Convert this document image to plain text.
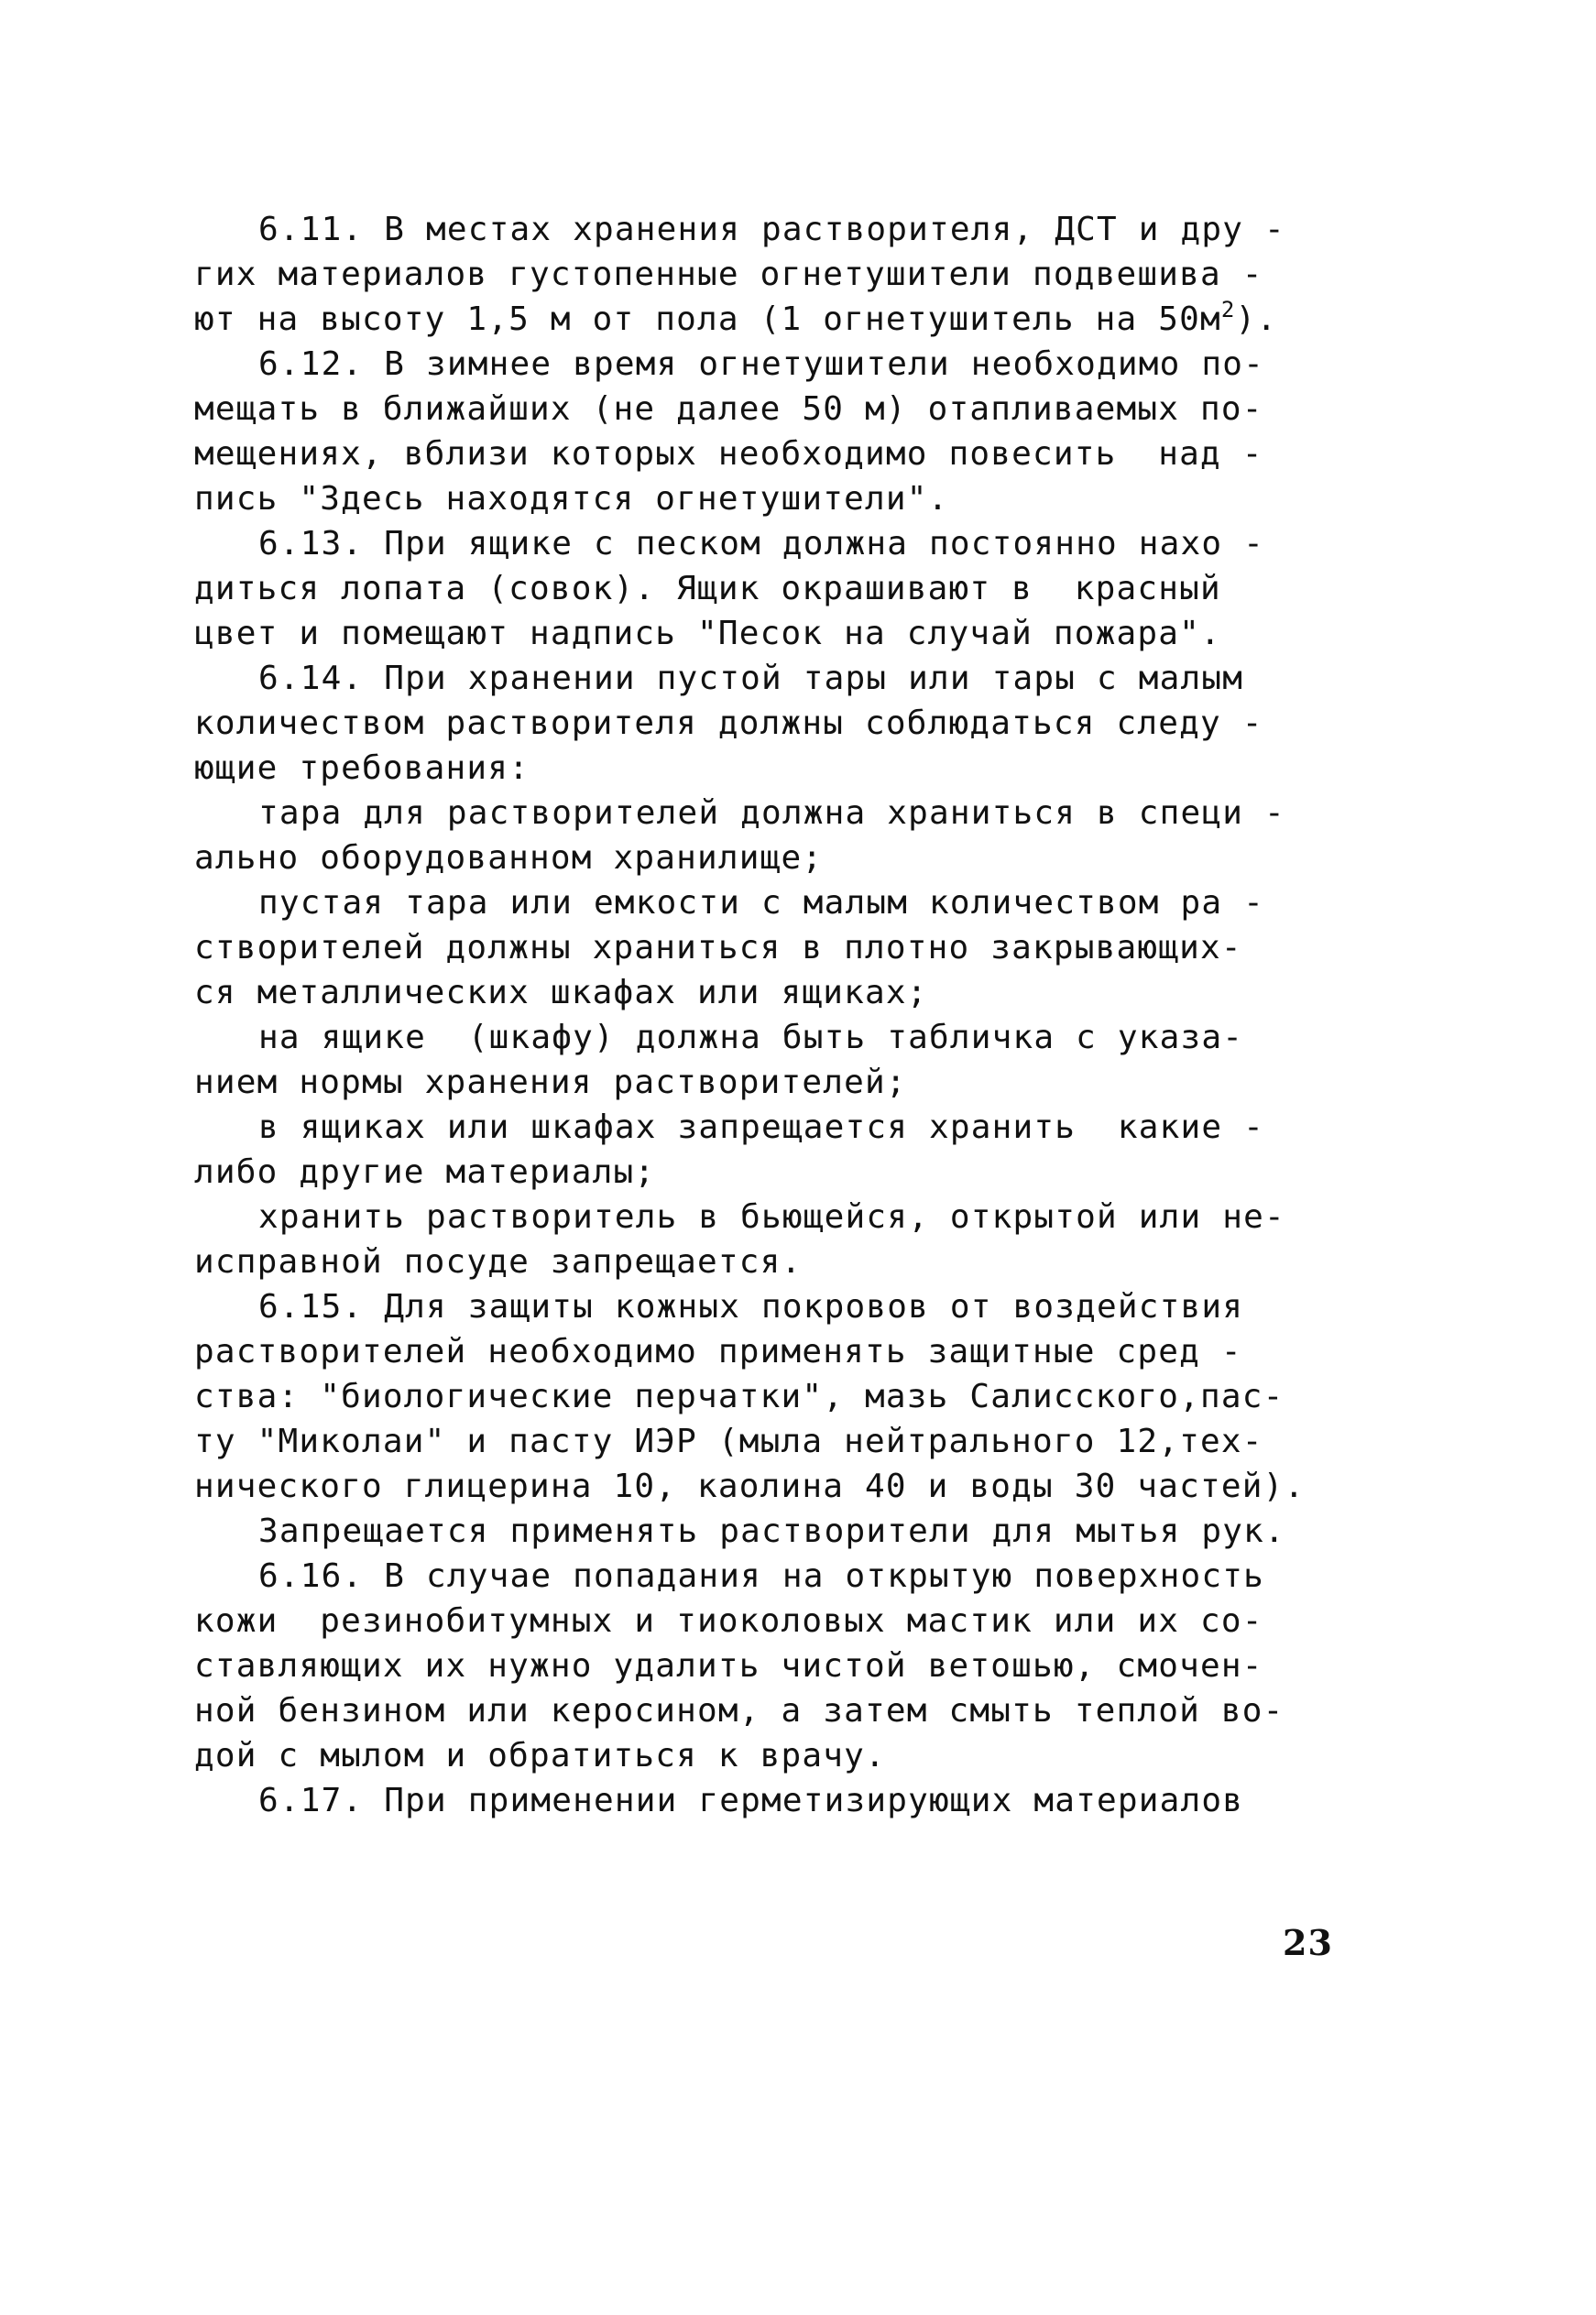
6.11. В местах хранения растворителя, ДСТ и дру -
гих материалов густопенные огнетушители подвешива -
ют на высоту 1,5 м от пола (1 огнетушитель на $50м^2$).
6.12. В зимнее время огнетушители необходимо по-
мещать в ближайших (не далее 50 м) отапливаемых по-
мещениях, вблизи которых необходимо повесить  над -
пись "Здесь находятся огнетушители".
6.13. При ящике с песком должна постоянно нахо -
диться лопата (совок). Ящик окрашивают в  красный
цвет и помещают надпись "Песок на случай пожара".
6.14. При хранении пустой тары или тары с малым
количеством растворителя должны соблюдаться следу -
ющие требования:
тара для растворителей должна храниться в специ -
ально оборудованном хранилище;
пустая тара или емкости с малым количеством ра -
створителей должны храниться в плотно закрывающих-
ся металлических шкафах или ящиках;
на ящике  (шкафу) должна быть табличка с указа-
нием нормы хранения растворителей;
в ящиках или шкафах запрещается хранить  какие -
либо другие материалы;
хранить растворитель в бьющейся, открытой или не-
исправной посуде запрещается.
6.15. Для защиты кожных покровов от воздействия
растворителей необходимо применять защитные сред -
ства: "биологические перчатки", мазь Салисского,пас-
ту "Миколаи" и пасту ИЭР (мыла нейтрального 12,тех-
нического глицерина 10, каолина 40 и воды 30 частей).
Запрещается применять растворители для мытья рук.
6.16. В случае попадания на открытую поверхность
кожи  резинобитумных и тиоколовых мастик или их со-
ставляющих их нужно удалить чистой ветошью, смочен-
ной бензином или керосином, а затем смыть теплой во-
дой с мылом и обратиться к врачу.
6.17. При применении герметизирующих материалов
23
